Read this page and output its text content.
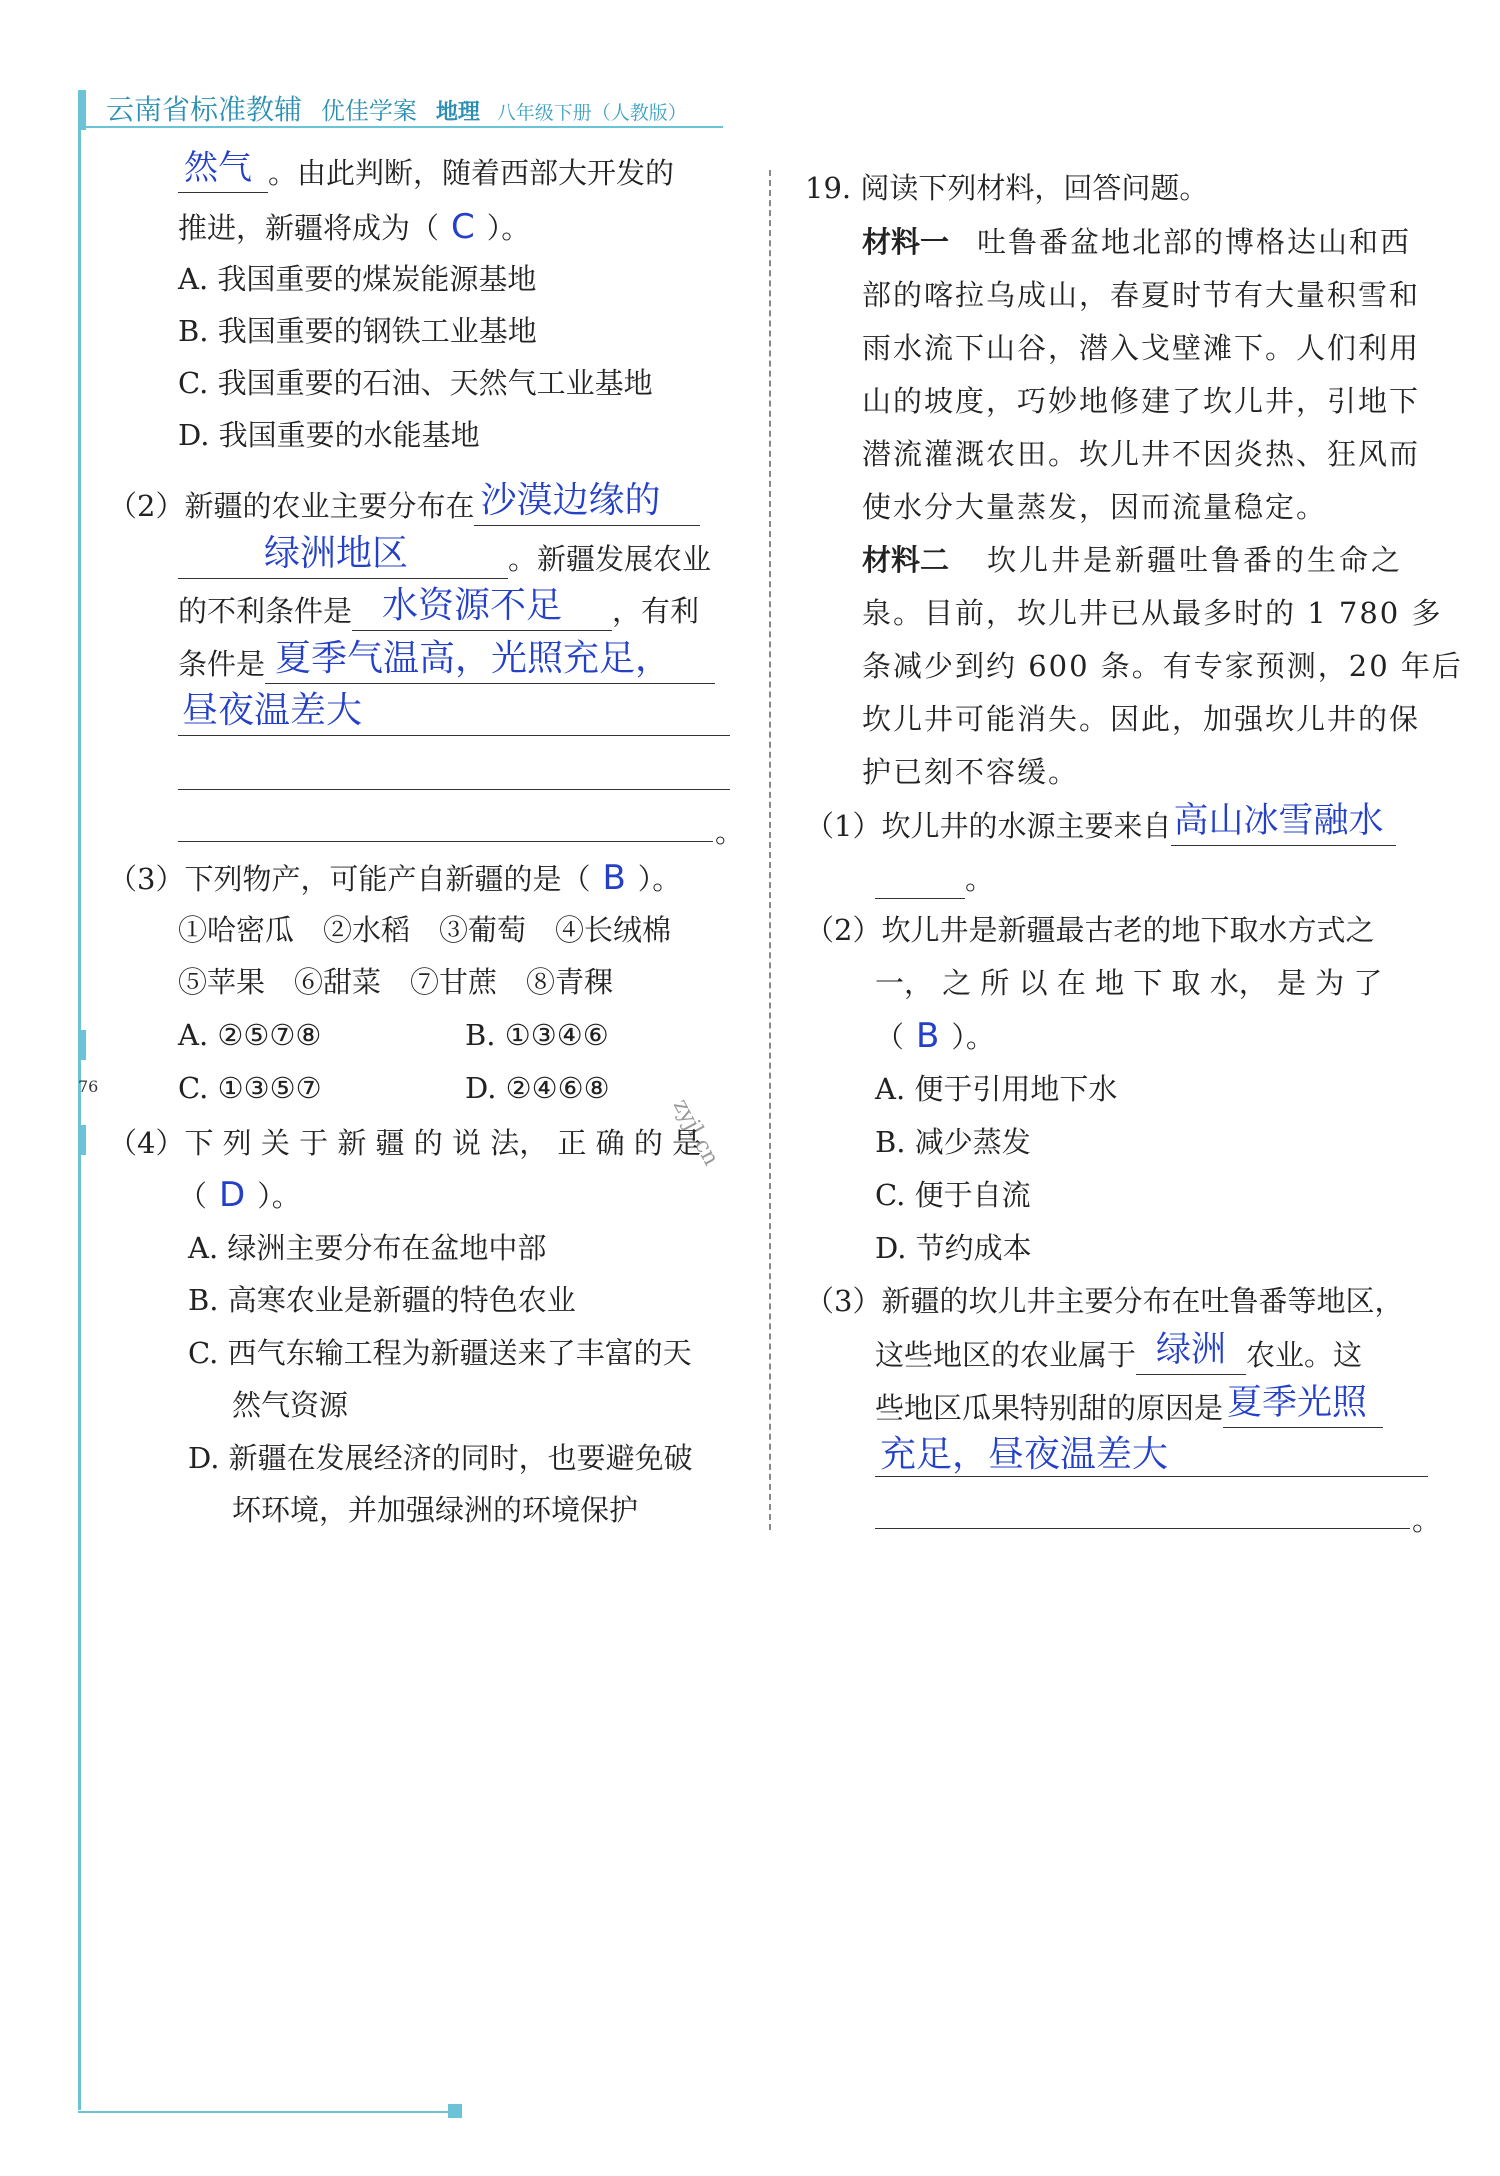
云南省标准教辅 优佳学案 地理 八年级下册（人教版）
76
zyjl.cn
然气 。由此判断，随着西部大开发的
推进，新疆将成为（ C ）。
A. 我国重要的煤炭能源基地
B. 我国重要的钢铁工业基地
C. 我国重要的石油、天然气工业基地
D. 我国重要的水能基地
（2）新疆的农业主要分布在 沙漠边缘的
绿洲地区	。新疆发展农业
的不利条件是 水资源不足 ，有利
条件是 夏季气温高，光照充足，
昼夜温差大
。
（3）下列物产，可能产自新疆的是（ B ）。
①哈密瓜　②水稻　③葡萄　④长绒棉
⑤苹果　⑥甜菜　⑦甘蔗　⑧青稞
A. ②⑤⑦⑧	B. ①③④⑥
C. ①③⑤⑦	D. ②④⑥⑧
（4）下 列 关 于 新 疆 的 说 法， 正 确 的 是
（ D ）。
A. 绿洲主要分布在盆地中部
B. 高寒农业是新疆的特色农业
C. 西气东输工程为新疆送来了丰富的天
然气资源
D. 新疆在发展经济的同时，也要避免破
坏环境，并加强绿洲的环境保护
19. 阅读下列材料，回答问题。
材料一 吐鲁番盆地北部的博格达山和西
部的喀拉乌成山，春夏时节有大量积雪和
雨水流下山谷，潜入戈壁滩下。人们利用
山的坡度，巧妙地修建了坎儿井，引地下
潜流灌溉农田。坎儿井不因炎热、狂风而
使水分大量蒸发，因而流量稳定。
材料二 坎儿井是新疆吐鲁番的生命之
泉。目前，坎儿井已从最多时的 1 780 多
条减少到约 600 条。有专家预测，20 年后
坎儿井可能消失。因此，加强坎儿井的保
护已刻不容缓。
（1）坎儿井的水源主要来自 高山冰雪融水
。
（2）坎儿井是新疆最古老的地下取水方式之
一， 之 所 以 在 地 下 取 水， 是 为 了
（ B ）。
A. 便于引用地下水
B. 减少蒸发
C. 便于自流
D. 节约成本
（3）新疆的坎儿井主要分布在吐鲁番等地区，
这些地区的农业属于 绿洲 农业。这
些地区瓜果特别甜的原因是 夏季光照
充足，昼夜温差大
。
